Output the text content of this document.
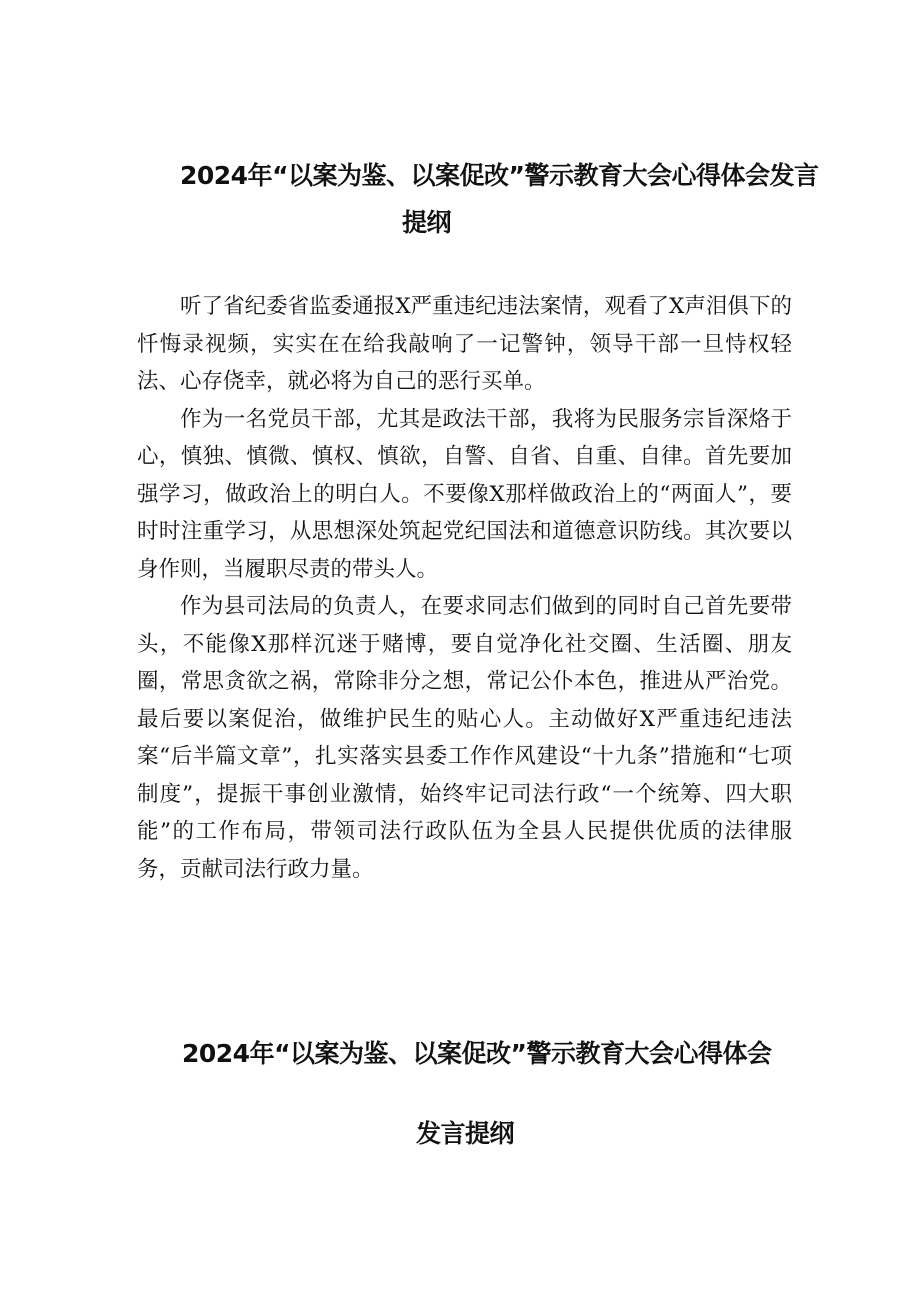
2024年“以案为鉴、以案促改”警示教育大会心得体会发言
提纲

听了省纪委省监委通报X严重违纪违法案情，观看了X声泪俱下的忏悔录视频，实实在在给我敲响了一记警钟，领导干部一旦恃权轻法、心存侥幸，就必将为自己的恶行买单。

作为一名党员干部，尤其是政法干部，我将为民服务宗旨深烙于心，慎独、慎微、慎权、慎欲，自警、自省、自重、自律。首先要加强学习，做政治上的明白人。不要像X那样做政治上的“两面人”，要时时注重学习，从思想深处筑起党纪国法和道德意识防线。其次要以身作则，当履职尽责的带头人。

作为县司法局的负责人，在要求同志们做到的同时自己首先要带头，不能像X那样沉迷于赌博，要自觉净化社交圈、生活圈、朋友圈，常思贪欲之祸，常除非分之想，常记公仆本色，推进从严治党。最后要以案促治，做维护民生的贴心人。主动做好X严重违纪违法案“后半篇文章”，扎实落实县委工作作风建设“十九条”措施和“七项制度”，提振干事创业激情，始终牢记司法行政“一个统筹、四大职能”的工作布局，带领司法行政队伍为全县人民提供优质的法律服务，贡献司法行政力量。

2024年“以案为鉴、以案促改”警示教育大会心得体会
发言提纲
